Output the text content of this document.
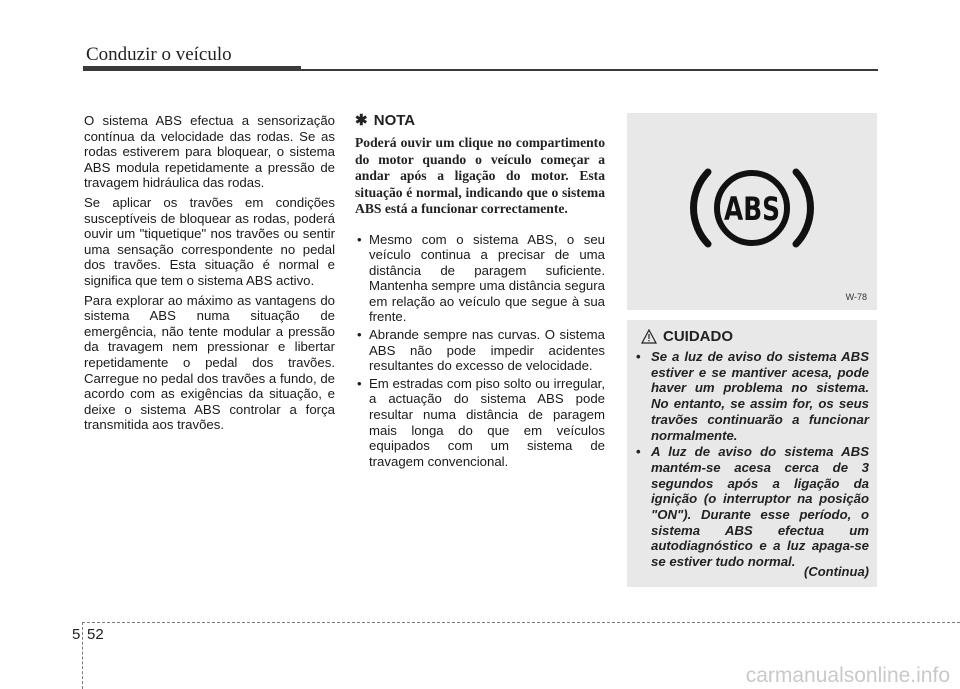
Conduzir o veículo

O sistema ABS efectua a sensorização contínua da velocidade das rodas. Se as rodas estiverem para bloquear, o sistema ABS modula repetidamente a pressão de travagem hidráulica das rodas.

Se aplicar os travões em condições susceptíveis de bloquear as rodas, poderá ouvir um "tiquetique" nos travões ou sentir uma sensação correspondente no pedal dos travões. Esta situação é normal e significa que tem o sistema ABS activo.

Para explorar ao máximo as vantagens do sistema ABS numa situação de emergência, não tente modular a pressão da travagem nem pressionar e libertar repetidamente o pedal dos travões. Carregue no pedal dos travões a fundo, de acordo com as exigências da situação, e deixe o sistema ABS controlar a força transmitida aos travões.

✱ NOTA
Poderá ouvir um clique no compartimento do motor quando o veículo começar a andar após a ligação do motor. Esta situação é normal, indicando que o sistema ABS está a funcionar correctamente.
• Mesmo com o sistema ABS, o seu veículo continua a precisar de uma distância de paragem suficiente. Mantenha sempre uma distância segura em relação ao veículo que segue à sua frente.
• Abrande sempre nas curvas. O sistema ABS não pode impedir acidentes resultantes do excesso de velocidade.
• Em estradas com piso solto ou irregular, a actuação do sistema ABS pode resultar numa distância de paragem mais longa do que em veículos equipados com um sistema de travagem convencional.
ABS
W-78
CUIDADO
• Se a luz de aviso do sistema ABS estiver e se mantiver acesa, pode haver um problema no sistema. No entanto, se assim for, os seus travões continuarão a funcionar normalmente.
• A luz de aviso do sistema ABS mantém-se acesa cerca de 3 segundos após a ligação da ignição (o interruptor na posição "ON"). Durante esse período, o sistema ABS efectua um autodiagnóstico e a luz apaga-se se estiver tudo normal.
(Continua)
5 52
carmanualsonline.info
